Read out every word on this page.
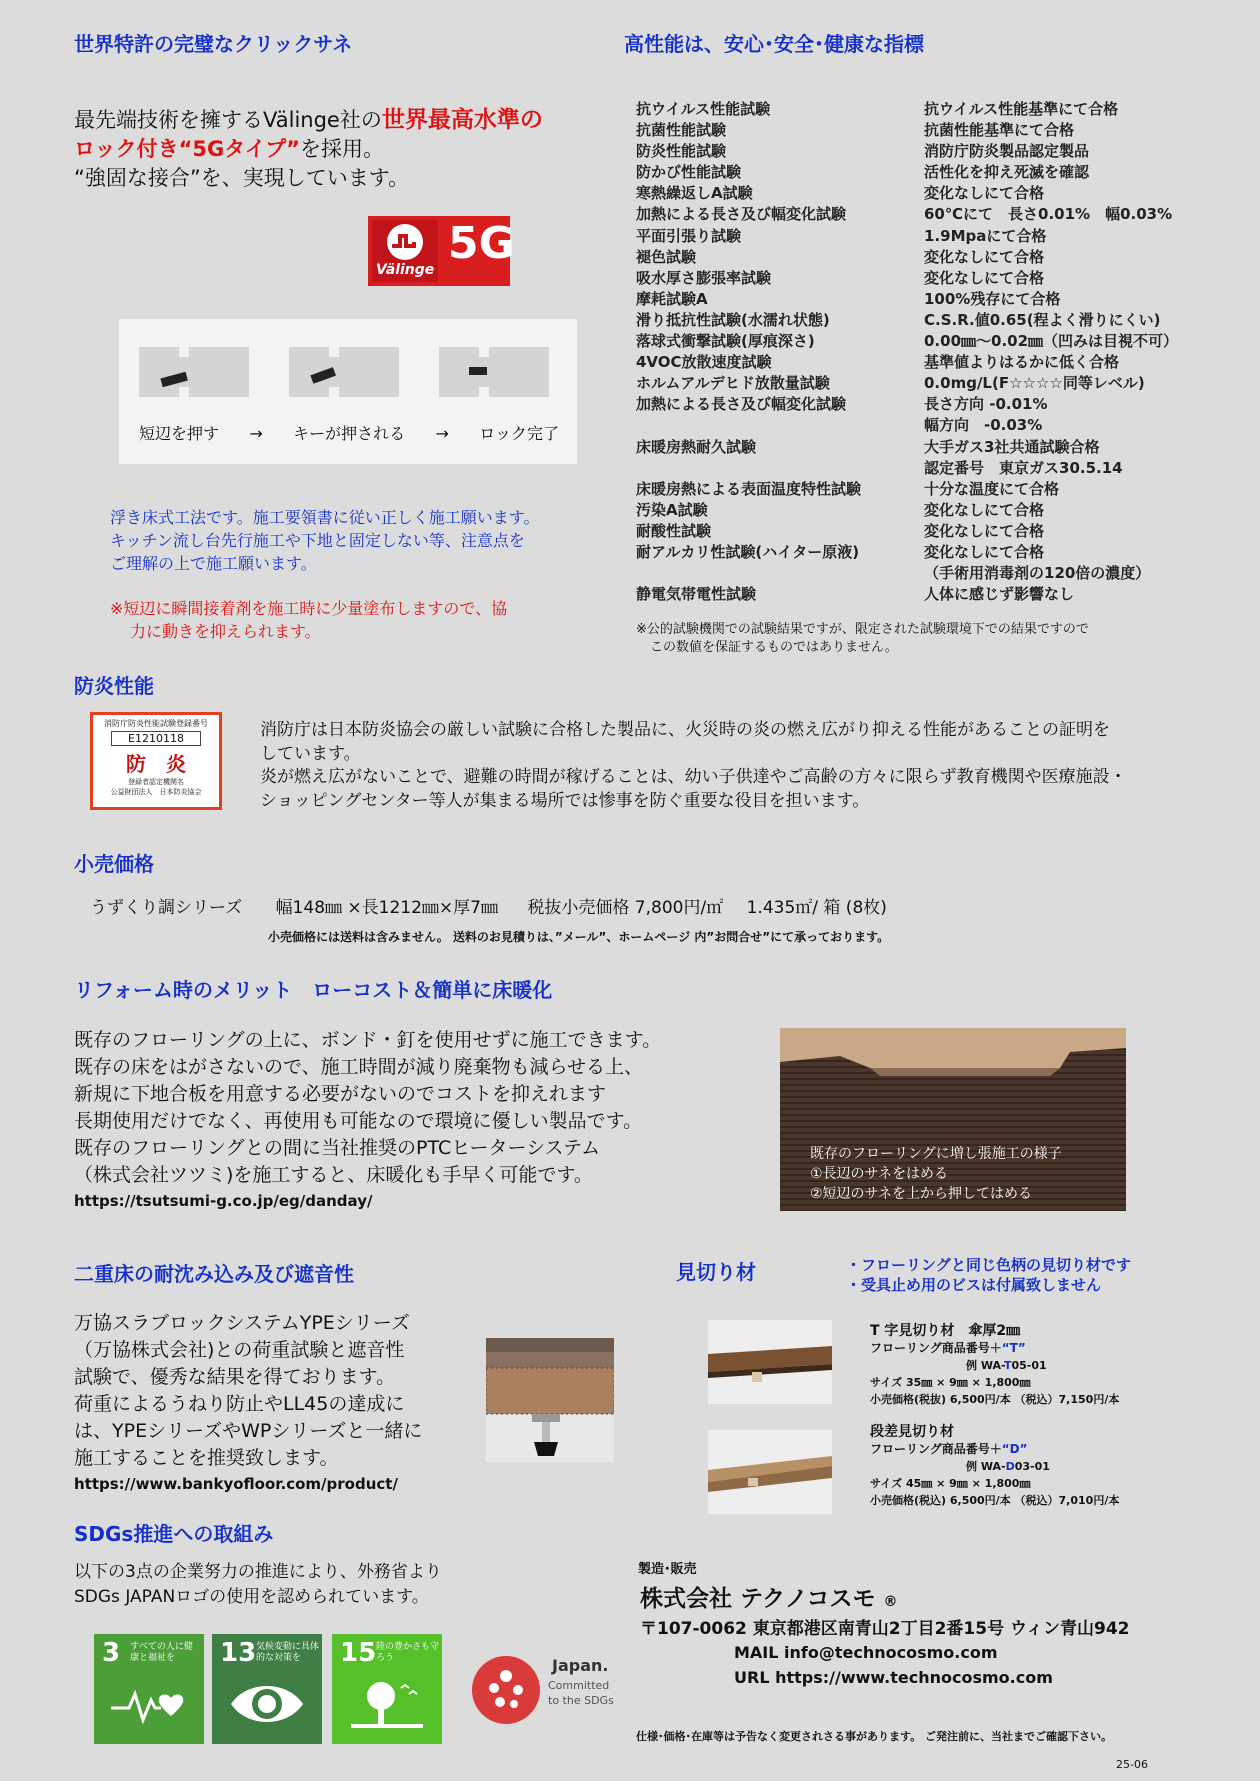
世界特許の完璧なクリックサネ
最先端技術を擁するVälinge社の世界最高水準の
ロック付き“5Gタイプ”を採用。
“強固な接合”を、実現しています。
Välinge
5G
短辺を押す → キーが押される → ロック完了
浮き床式工法です。施工要領書に従い正しく施工願います。
キッチン流し台先行施工や下地と固定しない等、注意点を
ご理解の上で施工願います。
※短辺に瞬間接着剤を施工時に少量塗布しますので、協
力に動きを抑えられます。
高性能は、安心･安全･健康な指標
抗ウイルス性能試験	抗ウイルス性能基準にて合格
抗菌性能試験	抗菌性能基準にて合格
防炎性能試験	消防庁防炎製品認定製品
防かび性能試験	活性化を抑え死滅を確認
寒熱繰返しA試験	変化なしにて合格
加熱による長さ及び幅変化試験	60℃にて　長さ0.01%　幅0.03%
平面引張り試験	1.9Mpaにて合格
褪色試験	変化なしにて合格
吸水厚さ膨張率試験	変化なしにて合格
摩耗試験A	100%残存にて合格
滑り抵抗性試験(水濡れ状態)	C.S.R.値0.65(程よく滑りにくい)
落球式衝撃試験(厚痕深さ)	0.00㎜～0.02㎜（凹みは目視不可）
4VOC放散速度試験	基準値よりはるかに低く合格
ホルムアルデヒド放散量試験	0.0mg/L(F☆☆☆☆同等レベル)
加熱による長さ及び幅変化試験	長さ方向 -0.01%
幅方向　-0.03%
床暖房熱耐久試験	大手ガス3社共通試験合格
認定番号　東京ガス30.5.14
床暖房熱による表面温度特性試験	十分な温度にて合格
汚染A試験	変化なしにて合格
耐酸性試験	変化なしにて合格
耐アルカリ性試験(ハイター原液)	変化なしにて合格
（手術用消毒剤の120倍の濃度）
静電気帯電性試験	人体に感じず影響なし
※公的試験機関での試験結果ですが、限定された試験環境下での結果ですので
この数値を保証するものではありません。
防炎性能
消防庁防炎性能試験登録番号
E1210118
防　炎
登録者認定機関名
公益財団法人　日本防炎協会
消防庁は日本防炎協会の厳しい試験に合格した製品に、火災時の炎の燃え広がり抑える性能があることの証明を
しています。
炎が燃え広がないことで、避難の時間が稼げることは、幼い子供達やご高齢の方々に限らず教育機関や医療施設・
ショッピングセンター等人が集まる場所では惨事を防ぐ重要な役目を担います。
小売価格
うずくり調シリーズ 幅148㎜ ×長1212㎜×厚7㎜ 税抜小売価格 7,800円/㎡ 1.435㎡/ 箱 (8枚)
小売価格には送料は含みません。 送料のお見積りは、”メール”、ホームページ 内”お問合せ”にて承っております。
リフォーム時のメリット　ローコスト＆簡単に床暖化
既存のフローリングの上に、ボンド・釘を使用せずに施工できます。
既存の床をはがさないので、施工時間が減り廃棄物も減らせる上、
新規に下地合板を用意する必要がないのでコストを抑えれます
長期使用だけでなく、再使用も可能なので環境に優しい製品です。
既存のフローリングとの間に当社推奨のPTCヒーターシステム
（株式会社ツツミ)を施工すると、床暖化も手早く可能です。
https://tsutsumi-g.co.jp/eg/danday/
既存のフローリングに増し張施工の様子
①長辺のサネをはめる
②短辺のサネを上から押してはめる
二重床の耐沈み込み及び遮音性
万協スラブロックシステムYPEシリーズ
（万協株式会社)との荷重試験と遮音性
試験で、優秀な結果を得ております。
荷重によるうねり防止やLL45の達成に
は、YPEシリーズやWPシリーズと一緒に
施工することを推奨致します。
https://www.bankyofloor.com/product/
見切り材	・フローリングと同じ色柄の見切り材です
・受具止め用のビスは付属致しません
T 字見切り材　傘厚2㎜
フローリング商品番号＋“T”
例 WA-T05-01
サイズ 35㎜ × 9㎜ × 1,800㎜
小売価格(税抜) 6,500円/本 （税込）7,150円/本
段差見切り材
フローリング商品番号＋“D”
例 WA-D03-01
サイズ 45㎜ × 9㎜ × 1,800㎜
小売価格(税込) 6,500円/本 （税込）7,010円/本
SDGs推進への取組み
以下の3点の企業努力の推進により、外務省より
SDGs JAPANロゴの使用を認められています。
3 すべての人に健康と福祉を	13 気候変動に具体的な対策を	15 陸の豊かさも守ろう	Japan.
Committed
to the SDGs
製造･販売
株式会社 テクノコスモ ®
〒107-0062 東京都港区南青山2丁目2番15号 ウィン青山942
MAIL info@technocosmo.com
URL https://www.technocosmo.com
仕様･価格･在庫等は予告なく変更されさる事があります。 ご発注前に、当社までご確認下さい。
25-06
